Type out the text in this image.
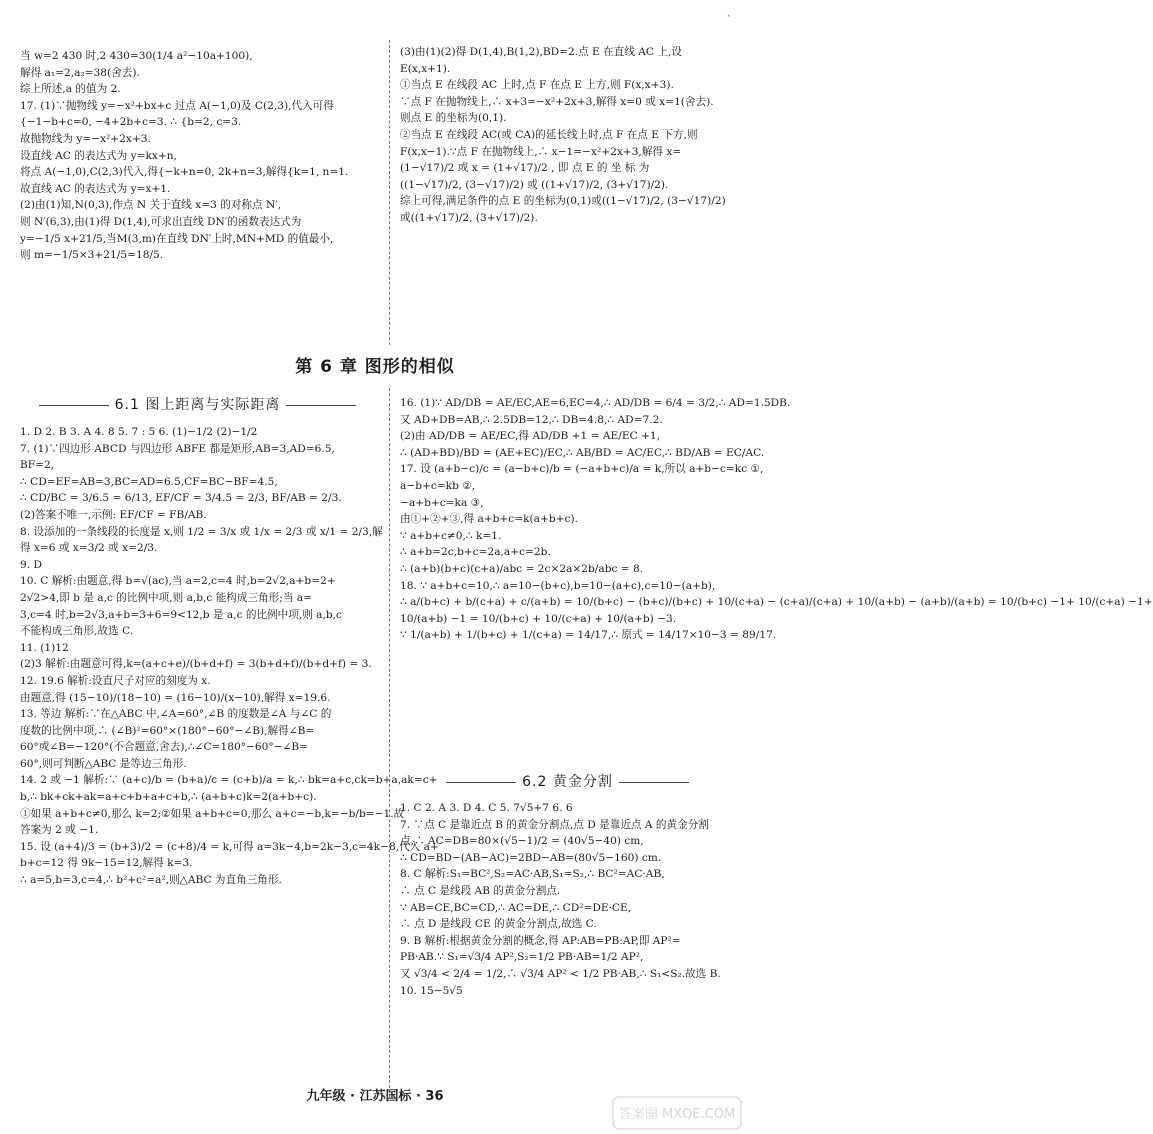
、

当 w=2 430 时,2 430=30(1/4 a²−10a+100),

解得 a₁=2,a₂=38(舍去).

综上所述,a 的值为 2.

17. (1)∵抛物线 y=−x²+bx+c 过点 A(−1,0)及 C(2,3),代入可得

{−1−b+c=0, −4+2b+c=3. ∴ {b=2, c=3.

故抛物线为 y=−x²+2x+3.

设直线 AC 的表达式为 y=kx+n,

将点 A(−1,0),C(2,3)代入,得{−k+n=0, 2k+n=3,解得{k=1, n=1.

故直线 AC 的表达式为 y=x+1.

(2)由(1)知,N(0,3),作点 N 关于直线 x=3 的对称点 N′,

则 N′(6,3),由(1)得 D(1,4),可求出直线 DN′的函数表达式为

y=−1/5 x+21/5,当M(3,m)在直线 DN′上时,MN+MD 的值最小,

则 m=−1/5×3+21/5=18/5.

(3)由(1)(2)得 D(1,4),B(1,2),BD=2.点 E 在直线 AC 上,设

E(x,x+1).

①当点 E 在线段 AC 上时,点 F 在点 E 上方,则 F(x,x+3).

∵点 F 在抛物线上,∴ x+3=−x²+2x+3,解得 x=0 或 x=1(舍去).

则点 E 的坐标为(0,1).

②当点 E 在线段 AC(或 CA)的延长线上时,点 F 在点 E 下方,则

F(x,x−1).∵点 F 在抛物线上,∴ x−1=−x²+2x+3,解得 x=

(1−√17)/2 或 x = (1+√17)/2 , 即 点 E 的 坐 标 为

((1−√17)/2, (3−√17)/2) 或 ((1+√17)/2, (3+√17)/2).

综上可得,满足条件的点 E 的坐标为(0,1)或((1−√17)/2, (3−√17)/2)

或((1+√17)/2, (3+√17)/2).

第 6 章 图形的相似
6.1 图上距离与实际距离

1. D 2. B 3. A 4. 8 5. 7 : 5 6. (1)−1/2 (2)−1/2

7. (1)∵四边形 ABCD 与四边形 ABFE 都是矩形,AB=3,AD=6.5,

BF=2,

∴ CD=EF=AB=3,BC=AD=6.5,CF=BC−BF=4.5,

∴ CD/BC = 3/6.5 = 6/13, EF/CF = 3/4.5 = 2/3, BF/AB = 2/3.

(2)答案不唯一,示例: EF/CF = FB/AB.

8. 设添加的一条线段的长度是 x,则 1/2 = 3/x 或 1/x = 2/3 或 x/1 = 2/3,解

得 x=6 或 x=3/2 或 x=2/3.

9. D

10. C 解析:由题意,得 b=√(ac),当 a=2,c=4 时,b=2√2,a+b=2+

2√2>4,即 b 是 a,c 的比例中项,则 a,b,c 能构成三角形;当 a=

3,c=4 时,b=2√3,a+b=3+6=9<12,b 是 a,c 的比例中项,则 a,b,c

不能构成三角形,故选 C.

11. (1)12

(2)3 解析:由题意可得,k=(a+c+e)/(b+d+f) = 3(b+d+f)/(b+d+f) = 3.

12. 19.6 解析:设直尺子对应的刻度为 x.

由题意,得 (15−10)/(18−10) = (16−10)/(x−10),解得 x=19.6.

13. 等边 解析:∵在△ABC 中,∠A=60°,∠B 的度数是∠A 与∠C 的

度数的比例中项,∴ (∠B)²=60°×(180°−60°−∠B),解得∠B=

60°或∠B=−120°(不合题意,舍去),∴∠C=180°−60°−∠B=

60°,则可判断△ABC 是等边三角形.

14. 2 或 −1 解析:∵ (a+c)/b = (b+a)/c = (c+b)/a = k,∴ bk=a+c,ck=b+a,ak=c+

b,∴ bk+ck+ak=a+c+b+a+c+b,∴ (a+b+c)k=2(a+b+c).

①如果 a+b+c≠0,那么 k=2;②如果 a+b+c=0,那么 a+c=−b,k=−b/b=−1.故

答案为 2 或 −1.

15. 设 (a+4)/3 = (b+3)/2 = (c+8)/4 = k,可得 a=3k−4,b=2k−3,c=4k−8,代入 a+

b+c=12 得 9k−15=12,解得 k=3.

∴ a=5,b=3,c=4,∴ b²+c²=a²,则△ABC 为直角三角形.

16. (1)∵ AD/DB = AE/EC,AE=6,EC=4,∴ AD/DB = 6/4 = 3/2,∴ AD=1.5DB.

又 AD+DB=AB,∴ 2.5DB=12,∴ DB=4.8,∴ AD=7.2.

(2)由 AD/DB = AE/EC,得 AD/DB +1 = AE/EC +1,

∴ (AD+BD)/BD = (AE+EC)/EC,∴ AB/BD = AC/EC,∴ BD/AB = EC/AC.

17. 设 (a+b−c)/c = (a−b+c)/b = (−a+b+c)/a = k,所以 a+b−c=kc ①,

a−b+c=kb ②,

−a+b+c=ka ③,

由①+②+③,得 a+b+c=k(a+b+c).

∵ a+b+c≠0,∴ k=1.

∴ a+b=2c,b+c=2a,a+c=2b.

∴ (a+b)(b+c)(c+a)/abc = 2c×2a×2b/abc = 8.

18. ∵ a+b+c=10,∴ a=10−(b+c),b=10−(a+c),c=10−(a+b),

∴ a/(b+c) + b/(c+a) + c/(a+b) = 10/(b+c) − (b+c)/(b+c) + 10/(c+a) − (c+a)/(c+a) + 10/(a+b) − (a+b)/(a+b) = 10/(b+c) −1+ 10/(c+a) −1+

10/(a+b) −1 = 10/(b+c) + 10/(c+a) + 10/(a+b) −3.

∵ 1/(a+b) + 1/(b+c) + 1/(c+a) = 14/17,∴ 原式 = 14/17×10−3 = 89/17.

6.2 黄金分割

1. C 2. A 3. D 4. C 5. 7√5+7 6. 6

7. ∵点 C 是靠近点 B 的黄金分割点,点 D 是靠近点 A 的黄金分割

点,∴ AC=DB=80×(√5−1)/2 = (40√5−40) cm,

∴ CD=BD−(AB−AC)=2BD−AB=(80√5−160) cm.

8. C 解析:S₁=BC²,S₂=AC·AB,S₁=S₂,∴ BC²=AC·AB,

∴ 点 C 是线段 AB 的黄金分割点.

∵ AB=CE,BC=CD,∴ AC=DE,∴ CD²=DE·CE,

∴ 点 D 是线段 CE 的黄金分割点,故选 C.

9. B 解析:根据黄金分割的概念,得 AP:AB=PB:AP,即 AP²=

PB·AB.∵ S₁=√3/4 AP²,S₂=1/2 PB·AB=1/2 AP²,

又 √3/4 < 2/4 = 1/2,∴ √3/4 AP² < 1/2 PB·AB,∴ S₁<S₂.故选 B.

10. 15−5√5

九年级 · 江苏国标 · 36
答案圈 MXQE.COM
